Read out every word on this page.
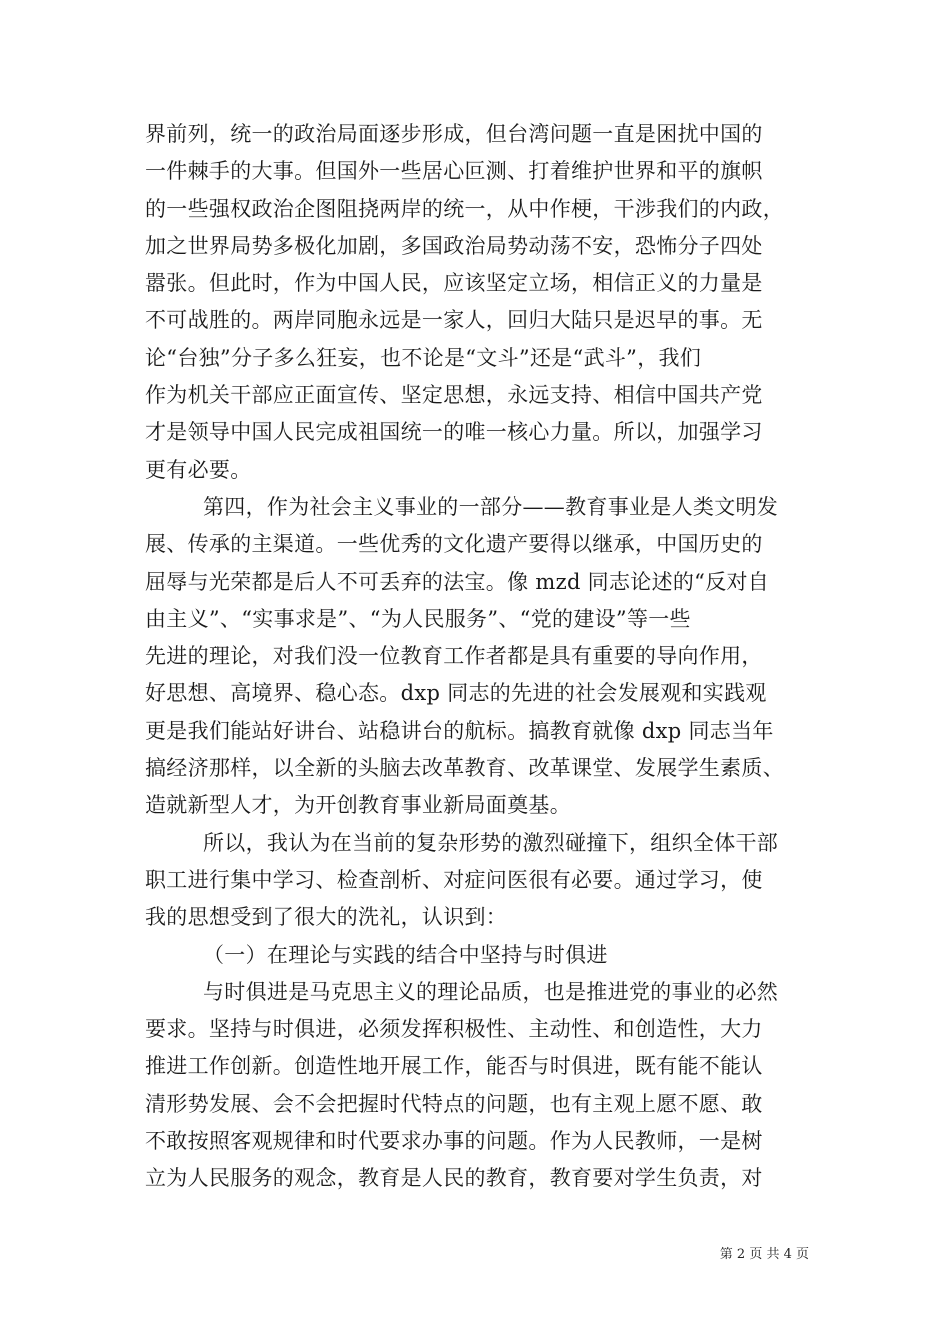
界前列，统一的政治局面逐步形成，但台湾问题一直是困扰中国的
一件棘手的大事。但国外一些居心叵测、打着维护世界和平的旗帜
的一些强权政治企图阻挠两岸的统一，从中作梗，干涉我们的内政，
加之世界局势多极化加剧，多国政治局势动荡不安，恐怖分子四处
嚣张。但此时，作为中国人民，应该坚定立场，相信正义的力量是
不可战胜的。两岸同胞永远是一家人，回归大陆只是迟早的事。无
论“台独”分子多么狂妄，也不论是“文斗”还是“武斗”，我们
作为机关干部应正面宣传、坚定思想，永远支持、相信中国共产党
才是领导中国人民完成祖国统一的唯一核心力量。所以，加强学习
更有必要。
第四，作为社会主义事业的一部分——教育事业是人类文明发
展、传承的主渠道。一些优秀的文化遗产要得以继承，中国历史的
屈辱与光荣都是后人不可丢弃的法宝。像 mzd 同志论述的“反对自
由主义”、“实事求是”、“为人民服务”、“党的建设”等一些
先进的理论，对我们没一位教育工作者都是具有重要的导向作用，
好思想、高境界、稳心态。dxp 同志的先进的社会发展观和实践观
更是我们能站好讲台、站稳讲台的航标。搞教育就像 dxp 同志当年
搞经济那样，以全新的头脑去改革教育、改革课堂、发展学生素质、
造就新型人才，为开创教育事业新局面奠基。
所以，我认为在当前的复杂形势的激烈碰撞下，组织全体干部
职工进行集中学习、检查剖析、对症问医很有必要。通过学习，使
我的思想受到了很大的洗礼，认识到：
（一）在理论与实践的结合中坚持与时俱进
与时俱进是马克思主义的理论品质，也是推进党的事业的必然
要求。坚持与时俱进，必须发挥积极性、主动性、和创造性，大力
推进工作创新。创造性地开展工作，能否与时俱进，既有能不能认
清形势发展、会不会把握时代特点的问题，也有主观上愿不愿、敢
不敢按照客观规律和时代要求办事的问题。作为人民教师，一是树
立为人民服务的观念，教育是人民的教育，教育要对学生负责，对
第 2 页 共 4 页
